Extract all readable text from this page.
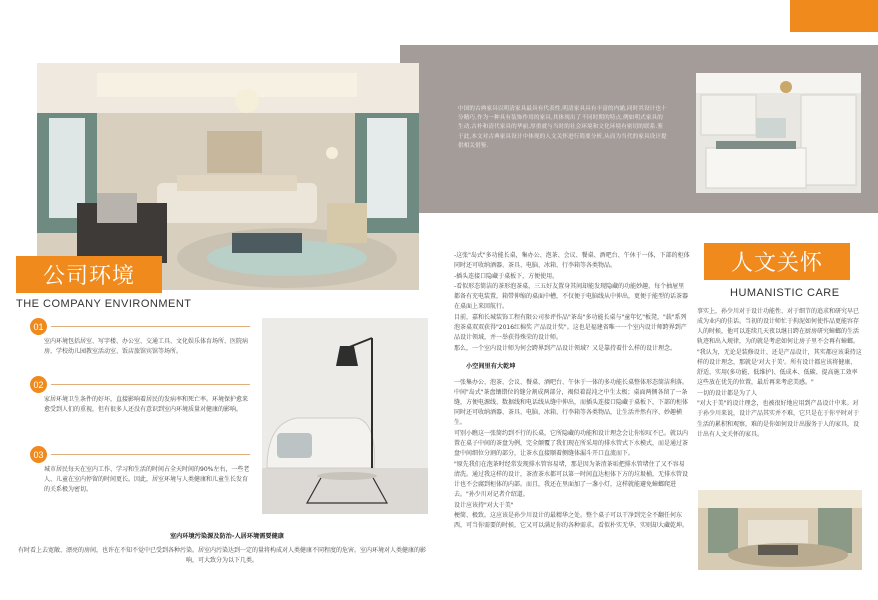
中国的古典家具以明清家具最具有代表性,明清家具具有丰富的内涵,同时其设计也十分精巧,作为一种具有装饰作用的家具,其体现出了不同时期的特点,例如明式家具的生动,古朴和清代家具的华丽,厚重就与当时的社会环境和文化环境有密切的联系.鉴于此,本文对古典家具设计中体现的人文关怀进行简要分析,从而为当代的家具设计提供相关借鉴.
公司环境
THE COMPANY ENVIRONMENT
01
室内环境包括居室、写字楼、办公室、交通工具、文化娱乐体育场所、医院病房、学校幼儿园教室活动室、饭店旅馆宾馆等场所。
02
家居环境卫生条件的好坏，直接影响着居民的发病率和死亡率。环境保护愈来愈受到人们的重视，但有很多人还没有意识到室内环境质量对健康的影响。
03
城市居民每天在室内工作、学习和生活的时间占全天时间的90%左右，一些老人、儿童在室内停留的时间更长。因此，居室环境与人类健康和儿童生长发育的关系极为密切。
室内环境污染源及防治-人居环境需要健康
有时看上去宽敞、漂亮的房间，也许在不知不觉中已受到各种污染。居室内污染达到一定的量将构成对人类健康不同程度的危害。室内环境对人类健康的影响，可大致分为以下几类。

-这张"岛式"多功能长桌，集办公、泡茶、会议、餐桌、酒吧台、午休于一体，下部的柜体同时还可收纳酒器、茶具、电脑、冰箱、行李箱等各类物品。

-插头连接口隐藏于桌板下，方便使用。

-看似形态简洁的茶形泡茶桌，三五好友置身其间却能发现隐藏的功能妙趣，每个抽屉里都备有充电装置，箱带伸缩的桌面中槽，不仅便于电脑线从中伸出，更便于能型的话茶器在桌面上来回航行。

目前，嘉和长城装饰工程有限公司参评作品"茶岛"多功能长桌与"童年忆"板凳，"载"系列泡茶桌双双获得"2016红棉奖 产品设计奖"。这也是福建省唯一一个室内设计师跨界到产品设计领域，并一举获得殊荣的设计师。

那么，一个室内设计师为何会跨界到产品设计领域？又是靠持着什么样的设计理念。

小空间里有大乾坤

一张集办公、泡茶、会议、餐桌、酒吧台、午休于一体的多功能长桌整体形态简洁利落。中间"岛式"茶盘镶错位的缝分割成两部分，褐似着混沌之中生太极；桌面两侧各留了一条缝，方便电源线、数据线和电话线从缝中伸出，而插头连接口隐藏于桌板下，下部的柜体同时还可收纳酒器、茶具、电脑、冰箱、行李箱等各类物品，让生活井然有序、妙趣横生。

可别小瞧这一张简约到不行的长桌，它所隐藏的功能和设计理念会让你惊叹不已。就以内置在桌子中间的茶盘为例，完全颠覆了我们现在所采用的排水管式下水模式，而是通过茶盘中间细位分割的部分，让茶水直接顺着侧缝体漏斗开口直流而下。

"原先我们在泡茶时经常发现排水管容易堵，那是因为茶渣茶垢把排水管堵住了又不容易清洗。通过我这样的设计，茶渣茶水都可以第一时间直达柜体下方的垃圾桶，无排水管设计也不会腐到柜体的内部。而且，我还在里面加了一盏小灯，这样就能避免蟑螂爬进去。"孙少川对记者介绍道。

设计应该持"对大于美"

梗简、极致。这应该是孙少川设计的最精华之处。整个桌子可以干净到完全不翻任何东西，可当你需要的时候，它又可以满足你的各种需求。看似朴实无华，实则却大藏乾坤。

人文关怀
HUMANISTIC CARE

事实上，孙少川对于设计功能性、对于细节的追求和研究早已成为业内的佳话。当初的设计师忙于拘泥如何使作品更能容存人的时候，他可以连续几天夜以继日跨在厨房研究蟑螂的生活轨迹和出入规律，为的就是考虑如何让房子里不会再有蟑螂。

"我认为，无论是装修设计、还是产品设计，其实都应该秉持这样的设计理念，那就是'对大于美'。所有设计都应该将健康、舒适、实用(多功能、低维护)、低成本、低碳、提高施工效率这些放在优先的位置，最后再来考虑美感。"

一切的设计都是为了人

"对大于美"的设计理念，也被很好地应用到产品设计中来。对于孙少川来说，设计产品其实并不难，它只是在于你平时对于生活的累积和观察，难的是你如何设计出服务于人的家具，设计出有人文关怀的家具。
